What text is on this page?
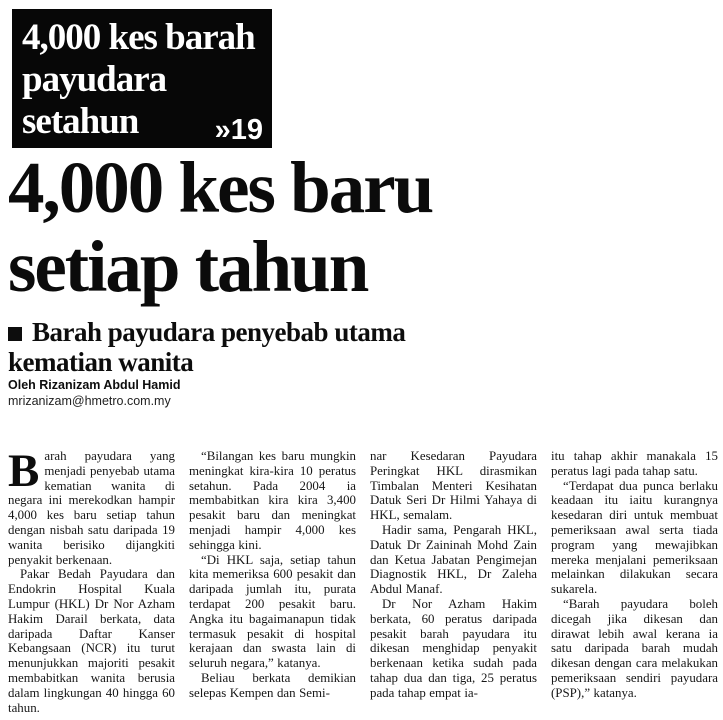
4,000 kes barah
payudara
setahun	»19
4,000 kes baru
setiap tahun
Barah payudara penyebab utama kematian wanita
Oleh Rizanizam Abdul Hamid
mrizanizam@hmetro.com.my

Barah payudara yang menjadi penyebab utama kematian wanita di negara ini merekodkan hampir 4,000 kes baru setiap tahun dengan nisbah satu daripada 19 wanita berisiko dijangkiti penyakit berkenaan.

Pakar Bedah Payudara dan Endokrin Hospital Kuala Lumpur (HKL) Dr Nor Azham Hakim Darail berkata, data daripada Daftar Kanser Kebangsaan (NCR) itu turut menunjukkan majoriti pesakit membabitkan wanita berusia dalam lingkungan 40 hingga 60 tahun.

“Bilangan kes baru mungkin meningkat kira-kira 10 peratus setahun. Pada 2004 ia membabitkan kira kira 3,400 pesakit baru dan meningkat menjadi hampir 4,000 kes sehingga kini.

“Di HKL saja, setiap tahun kita memeriksa 600 pesakit dan daripada jumlah itu, purata terdapat 200 pesakit baru. Angka itu bagaimanapun tidak termasuk pesakit di hospital kerajaan dan swasta lain di seluruh negara,” katanya.

Beliau berkata demikian selepas Kempen dan Semi-

nar Kesedaran Payudara Peringkat HKL dirasmikan Timbalan Menteri Kesihatan Datuk Seri Dr Hilmi Yahaya di HKL, semalam.

Hadir sama, Pengarah HKL, Datuk Dr Zaininah Mohd Zain dan Ketua Jabatan Pengimejan Diagnostik HKL, Dr Zaleha Abdul Manaf.

Dr Nor Azham Hakim berkata, 60 peratus daripada pesakit barah payudara itu dikesan menghidap penyakit berkenaan ketika sudah pada tahap dua dan tiga, 25 peratus pada tahap empat ia-

itu tahap akhir manakala 15 peratus lagi pada tahap satu.

“Terdapat dua punca berlaku keadaan itu iaitu kurangnya kesedaran diri untuk membuat pemeriksaan awal serta tiada program yang mewajibkan mereka menjalani pemeriksaan melainkan dilakukan secara sukarela.

“Barah payudara boleh dicegah jika dikesan dan dirawat lebih awal kerana ia satu daripada barah mudah dikesan dengan cara melakukan pemeriksaan sendiri payudara (PSP),” katanya.
